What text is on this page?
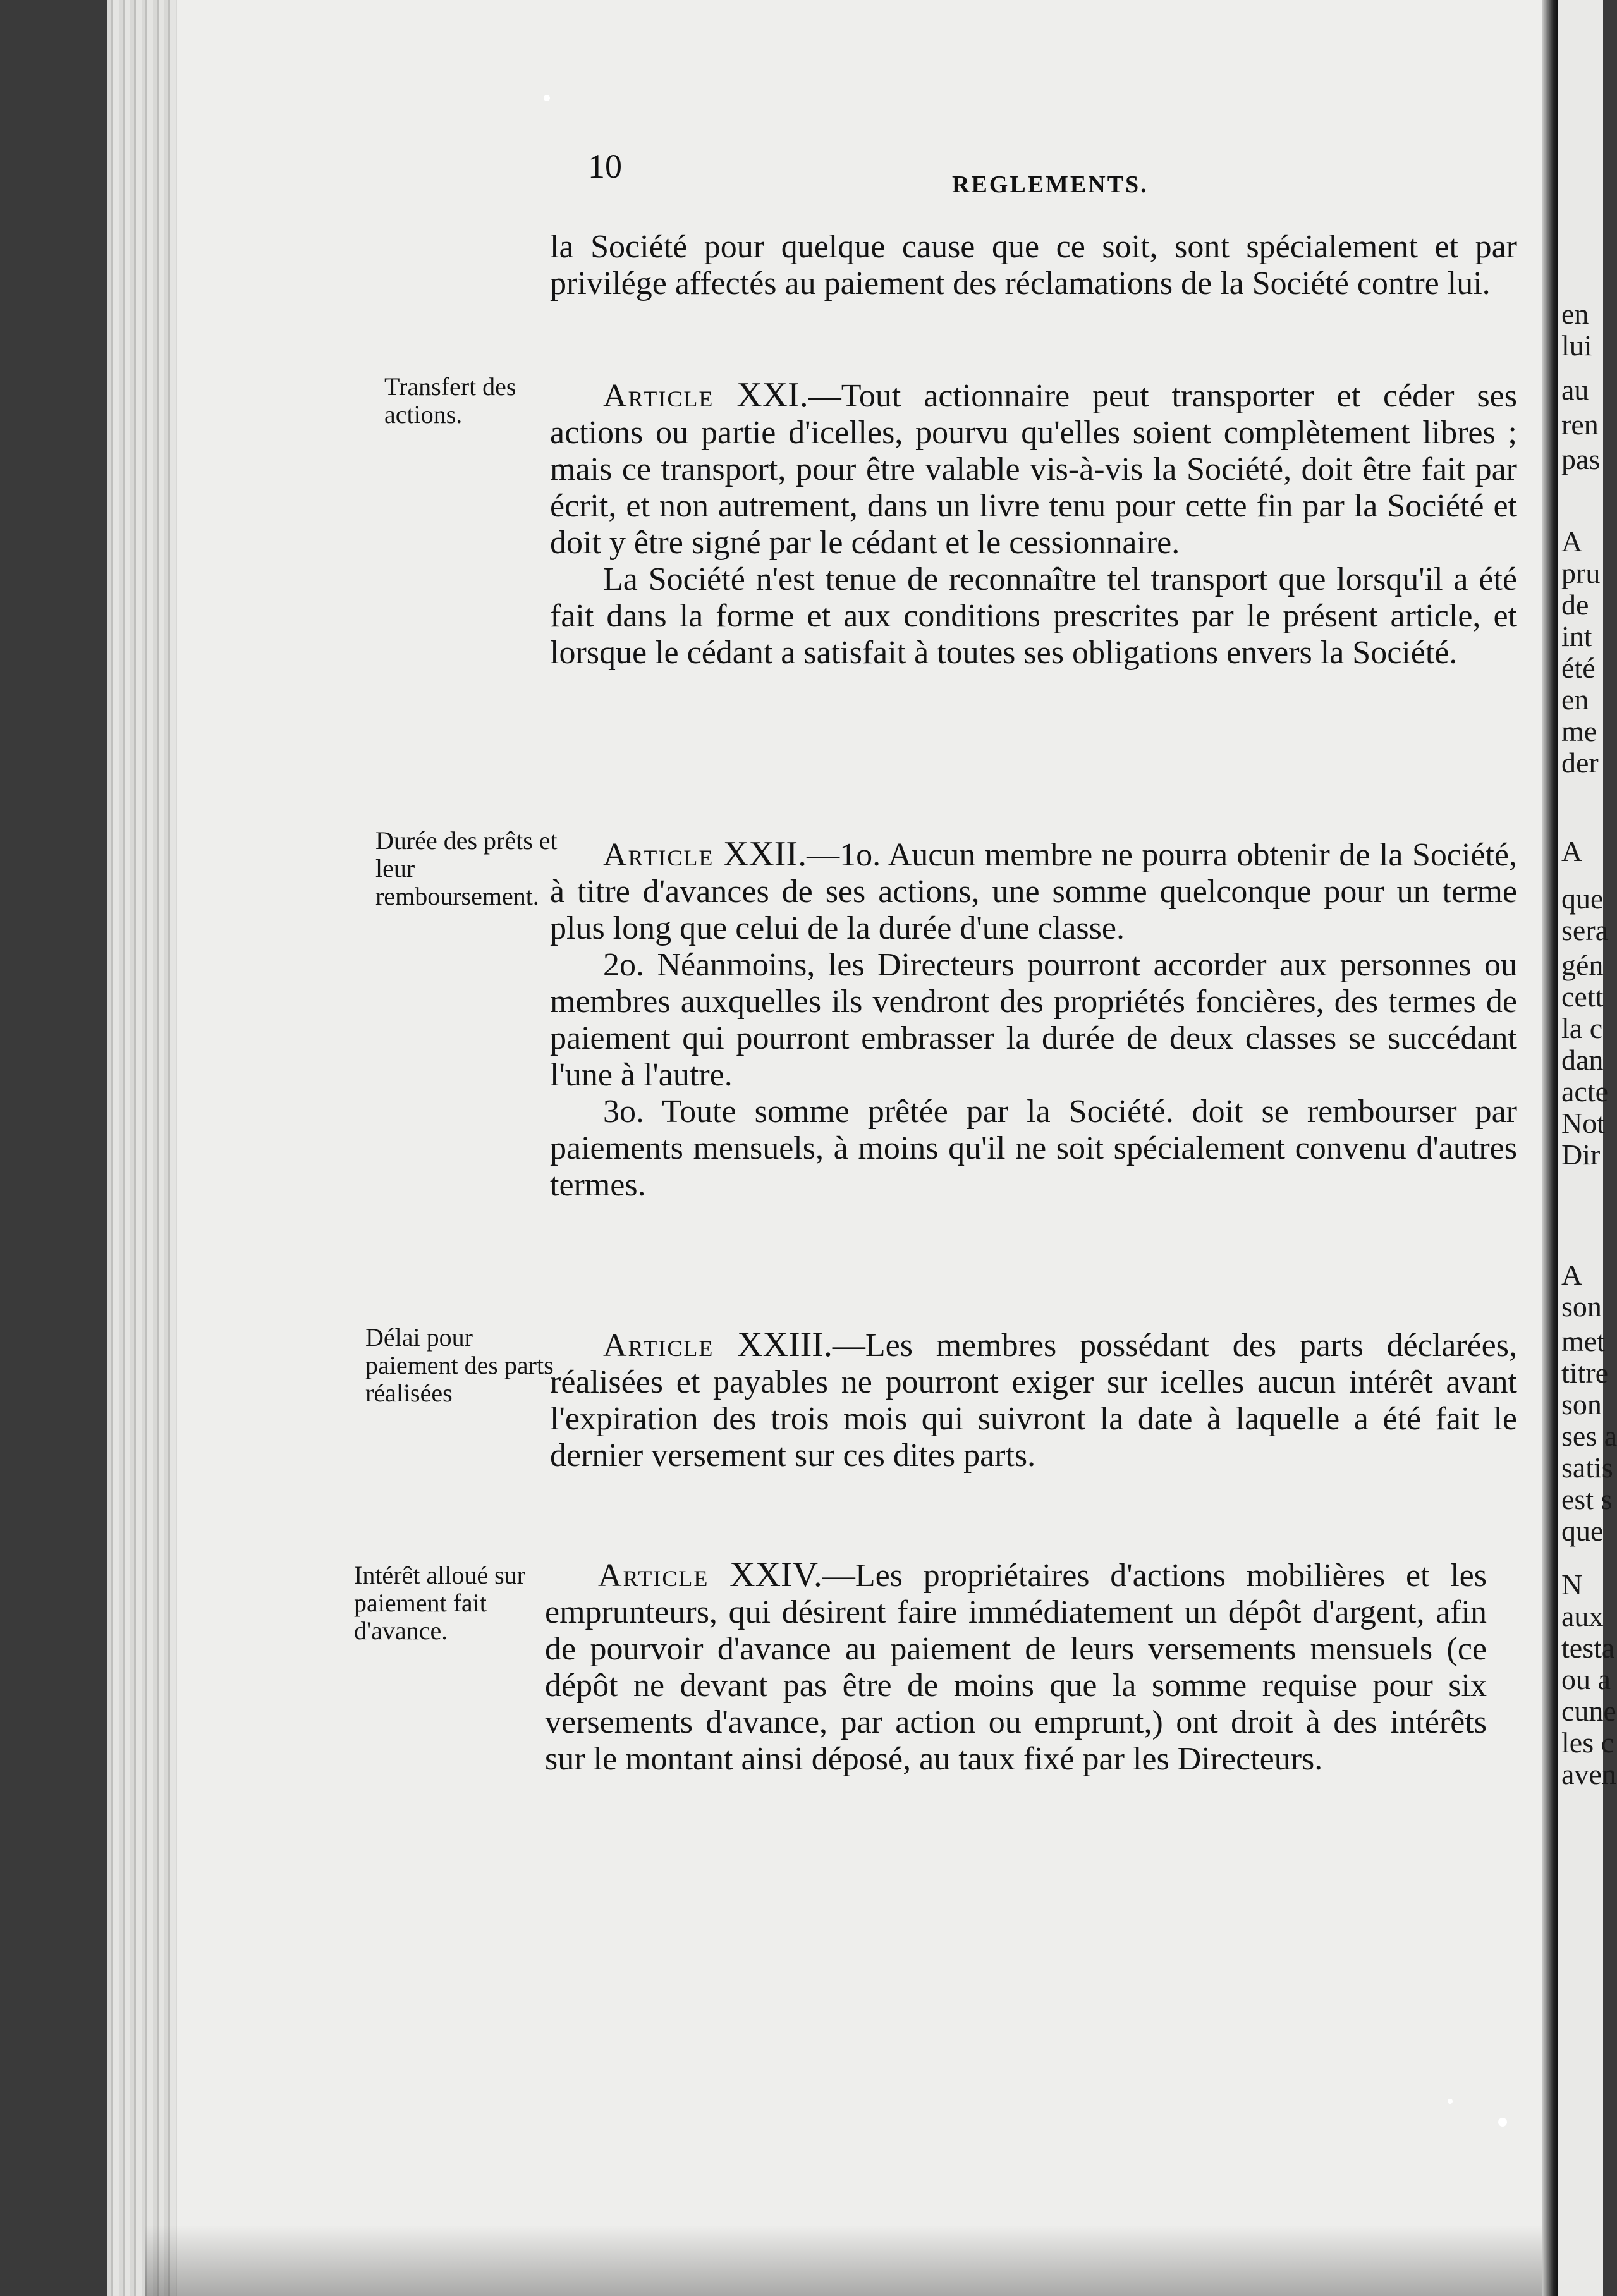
en
lui
au
ren
pas
A
pru
de
int
été
en
me
der
A
que
sera
gén
cett
la c
dan
acte
Not
Dir
A
son
met
titre
son
ses a
satis
est s
que
N
aux
testa
ou a
cune
les c
aven
10	REGLEMENTS.

la Société pour quelque cause que ce soit, sont spécialement et par privilége affectés au paiement des réclamations de la Société contre lui.

Transfert des actions.

Article XXI.—Tout actionnaire peut transporter et céder ses actions ou partie d'icelles, pourvu qu'elles soient complètement libres ; mais ce transport, pour être valable vis-à-vis la Société, doit être fait par écrit, et non autrement, dans un livre tenu pour cette fin par la Société et doit y être signé par le cédant et le cessionnaire.

La Société n'est tenue de reconnaître tel transport que lorsqu'il a été fait dans la forme et aux conditions prescrites par le présent article, et lorsque le cédant a satisfait à toutes ses obligations envers la Société.

Durée des prêts et leur remboursement.

Article XXII.—1o. Aucun membre ne pourra obtenir de la Société, à titre d'avances de ses actions, une somme quelconque pour un terme plus long que celui de la durée d'une classe.

2o. Néanmoins, les Directeurs pourront accorder aux personnes ou membres auxquelles ils vendront des propriétés foncières, des termes de paiement qui pourront embrasser la durée de deux classes se succédant l'une à l'autre.

3o. Toute somme prêtée par la Société. doit se rembourser par paiements mensuels, à moins qu'il ne soit spécialement convenu d'autres termes.

Délai pour paiement des parts réalisées

Article XXIII.—Les membres possédant des parts déclarées, réalisées et payables ne pourront exiger sur icelles aucun intérêt avant l'expiration des trois mois qui suivront la date à laquelle a été fait le dernier versement sur ces dites parts.

Intérêt alloué sur paiement fait d'avance.

Article XXIV.—Les propriétaires d'actions mobilières et les emprunteurs, qui désirent faire immédiatement un dépôt d'argent, afin de pourvoir d'avance au paiement de leurs versements mensuels (ce dépôt ne devant pas être de moins que la somme requise pour six versements d'avance, par action ou emprunt,) ont droit à des intérêts sur le montant ainsi déposé, au taux fixé par les Directeurs.
